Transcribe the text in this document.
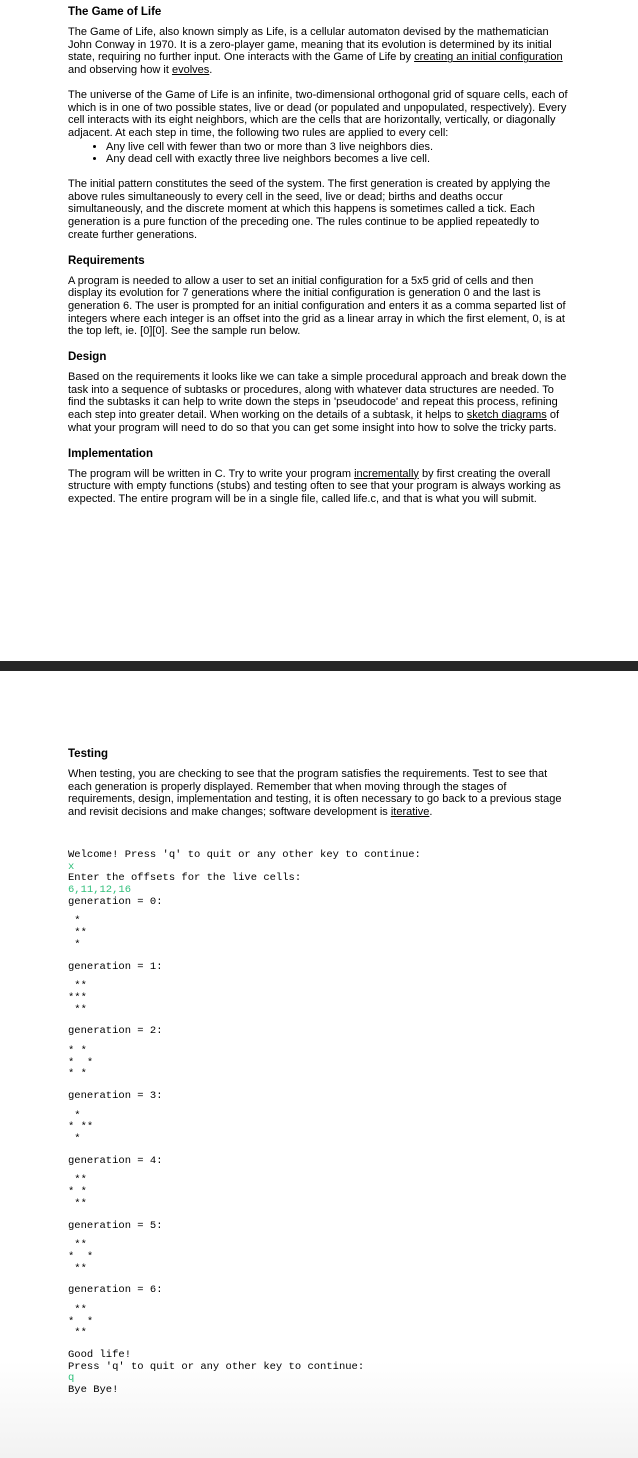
The Game of Life

The Game of Life, also known simply as Life, is a cellular automaton devised by the mathematician John Conway in 1970. It is a zero-player game, meaning that its evolution is determined by its initial state, requiring no further input. One interacts with the Game of Life by creating an initial configuration and observing how it evolves.

The universe of the Game of Life is an infinite, two-dimensional orthogonal grid of square cells, each of which is in one of two possible states, live or dead (or populated and unpopulated, respectively). Every cell interacts with its eight neighbors, which are the cells that are horizontally, vertically, or diagonally adjacent. At each step in time, the following two rules are applied to every cell:

• Any live cell with fewer than two or more than 3 live neighbors dies.
• Any dead cell with exactly three live neighbors becomes a live cell.

The initial pattern constitutes the seed of the system. The first generation is created by applying the above rules simultaneously to every cell in the seed, live or dead; births and deaths occur simultaneously, and the discrete moment at which this happens is sometimes called a tick. Each generation is a pure function of the preceding one. The rules continue to be applied repeatedly to create further generations.

Requirements

A program is needed to allow a user to set an initial configuration for a 5x5 grid of cells and then display its evolution for 7 generations where the initial configuration is generation 0 and the last is generation 6. The user is prompted for an initial configuration and enters it as a comma separted list of integers where each integer is an offset into the grid as a linear array in which the first element, 0, is at the top left, ie. [0][0]. See the sample run below.

Design

Based on the requirements it looks like we can take a simple procedural approach and break down the task into a sequence of subtasks or procedures, along with whatever data structures are needed. To find the subtasks it can help to write down the steps in 'pseudocode' and repeat this process, refining each step into greater detail. When working on the details of a subtask, it helps to sketch diagrams of what your program will need to do so that you can get some insight into how to solve the tricky parts.

Implementation

The program will be written in C. Try to write your program incrementally by first creating the overall structure with empty functions (stubs) and testing often to see that your program is always working as expected. The entire program will be in a single file, called life.c, and that is what you will submit.

Testing

When testing, you are checking to see that the program satisfies the requirements. Test to see that each generation is properly displayed. Remember that when moving through the stages of requirements, design, implementation and testing, it is often necessary to go back to a previous stage and revisit decisions and make changes; software development is iterative.

Welcome! Press 'q' to quit or any other key to continue:
x
Enter the offsets for the live cells:
6,11,12,16
generation = 0:
*
**
*
generation = 1:
**
***
**
generation = 2:
* *
*  *
* *
generation = 3:
*
* **
*
generation = 4:
**
* *
**
generation = 5:
**
*  *
**
generation = 6:
**
*  *
**
Good life!
Press 'q' to quit or any other key to continue:
q
Bye Bye!
